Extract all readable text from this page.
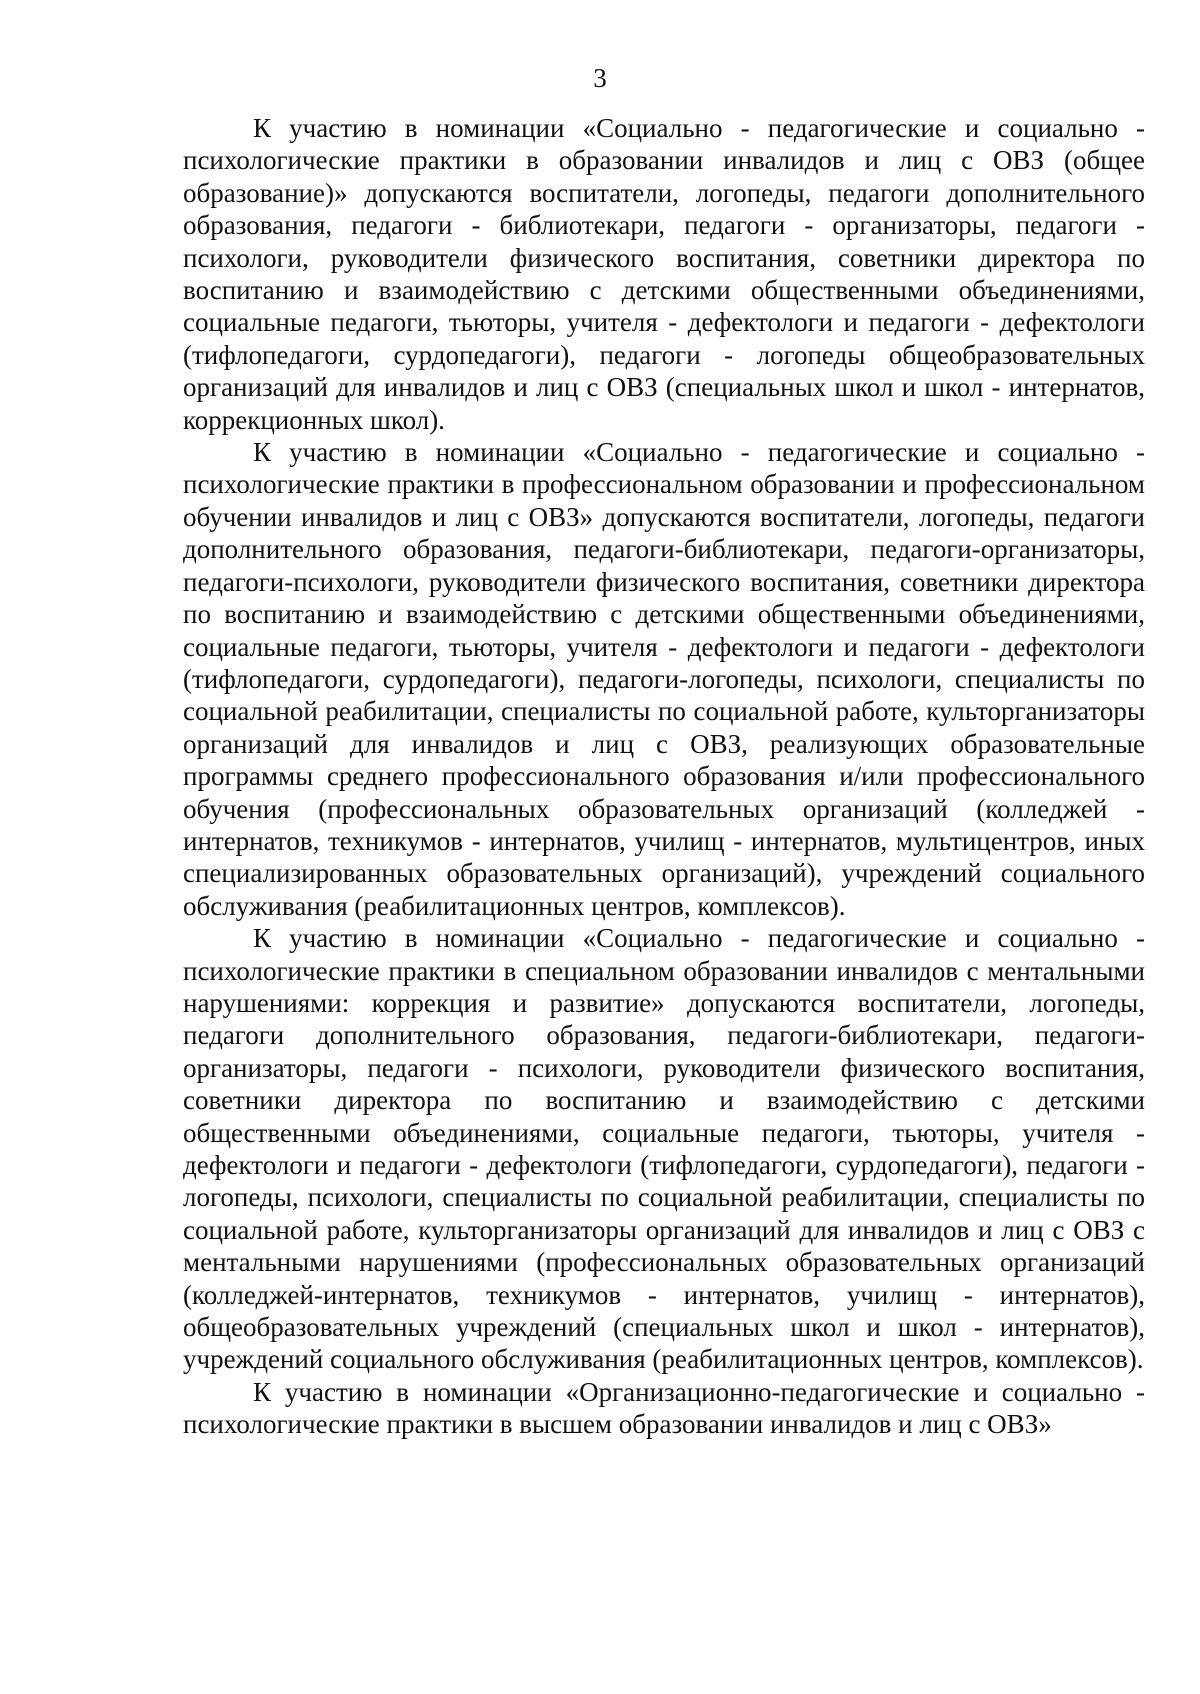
3

К участию в номинации «Социально - педагогические и социально - психологические практики в образовании инвалидов и лиц с ОВЗ (общее образование)» допускаются воспитатели, логопеды, педагоги дополнительного образования, педагоги - библиотекари, педагоги - организаторы, педагоги - психологи, руководители физического воспитания, советники директора по воспитанию и взаимодействию с детскими общественными объединениями, социальные педагоги, тьюторы, учителя - дефектологи и педагоги - дефектологи (тифлопедагоги, сурдопедагоги), педагоги - логопеды общеобразовательных организаций для инвалидов и лиц с ОВЗ (специальных школ и школ - интернатов, коррекционных школ).

К участию в номинации «Социально - педагогические и социально - психологические практики в профессиональном образовании и профессиональном обучении инвалидов и лиц с ОВЗ» допускаются воспитатели, логопеды, педагоги дополнительного образования, педагоги-библиотекари, педагоги-организаторы, педагоги-психологи, руководители физического воспитания, советники директора по воспитанию и взаимодействию с детскими общественными объединениями, социальные педагоги, тьюторы, учителя - дефектологи и педагоги - дефектологи (тифлопедагоги, сурдопедагоги), педагоги-логопеды, психологи, специалисты по социальной реабилитации, специалисты по социальной работе, культорганизаторы организаций для инвалидов и лиц с ОВЗ, реализующих образовательные программы среднего профессионального образования и/или профессионального обучения (профессиональных образовательных организаций (колледжей - интернатов, техникумов - интернатов, училищ - интернатов, мультицентров, иных специализированных образовательных организаций), учреждений социального обслуживания (реабилитационных центров, комплексов).

К участию в номинации «Социально - педагогические и социально - психологические практики в специальном образовании инвалидов с ментальными нарушениями: коррекция и развитие» допускаются воспитатели, логопеды, педагоги дополнительного образования, педагоги-библиотекари, педагоги-организаторы, педагоги - психологи, руководители физического воспитания, советники директора по воспитанию и взаимодействию с детскими общественными объединениями, социальные педагоги, тьюторы, учителя - дефектологи и педагоги - дефектологи (тифлопедагоги, сурдопедагоги), педагоги - логопеды, психологи, специалисты по социальной реабилитации, специалисты по социальной работе, культорганизаторы организаций для инвалидов и лиц с ОВЗ с ментальными нарушениями (профессиональных образовательных организаций (колледжей-интернатов, техникумов - интернатов, училищ - интернатов), общеобразовательных учреждений (специальных школ и школ - интернатов), учреждений социального обслуживания (реабилитационных центров, комплексов).

К участию в номинации «Организационно-педагогические и социально - психологические практики в высшем образовании инвалидов и лиц с ОВЗ»
